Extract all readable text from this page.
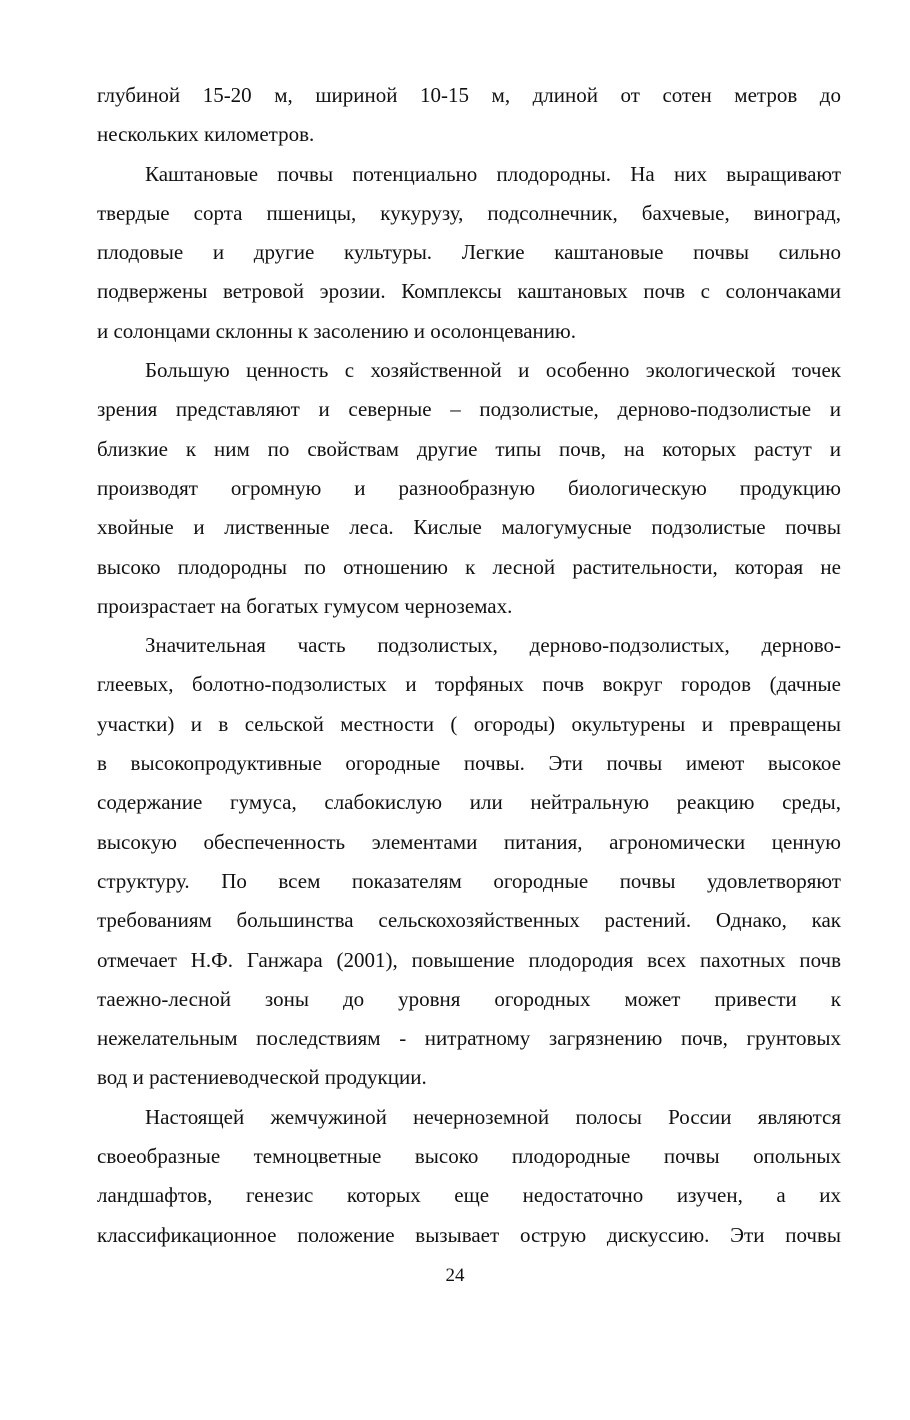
глубиной 15-20 м, шириной 10-15 м, длиной от сотен метров до
нескольких километров.
Каштановые почвы потенциально плодородны. На них выращивают
твердые сорта пшеницы, кукурузу, подсолнечник, бахчевые, виноград,
плодовые и другие культуры. Легкие каштановые почвы сильно
подвержены ветровой эрозии. Комплексы каштановых почв с солончаками
и солонцами склонны к засолению и осолонцеванию.
Большую ценность с хозяйственной и особенно экологической точек
зрения представляют и северные – подзолистые, дерново-подзолистые и
близкие к ним по свойствам другие типы почв, на которых растут и
производят огромную и разнообразную биологическую продукцию
хвойные и лиственные леса. Кислые малогумусные подзолистые почвы
высоко плодородны по отношению к лесной растительности, которая не
произрастает на богатых гумусом черноземах.
Значительная часть подзолистых, дерново-подзолистых, дерново-
глеевых, болотно-подзолистых и торфяных почв вокруг городов (дачные
участки) и в сельской местности ( огороды) окультурены и превращены
в высокопродуктивные огородные почвы. Эти почвы имеют высокое
содержание гумуса, слабокислую или нейтральную реакцию среды,
высокую обеспеченность элементами питания, агрономически ценную
структуру. По всем показателям огородные почвы удовлетворяют
требованиям большинства сельскохозяйственных растений. Однако, как
отмечает Н.Ф. Ганжара (2001), повышение плодородия всех пахотных почв
таежно-лесной зоны до уровня огородных может привести к
нежелательным последствиям - нитратному загрязнению почв, грунтовых
вод и растениеводческой продукции.
Настоящей жемчужиной нечерноземной полосы России являются
своеобразные темноцветные высоко плодородные почвы опольных
ландшафтов, генезис которых еще недостаточно изучен, а их
классификационное положение вызывает острую дискуссию. Эти почвы
24
